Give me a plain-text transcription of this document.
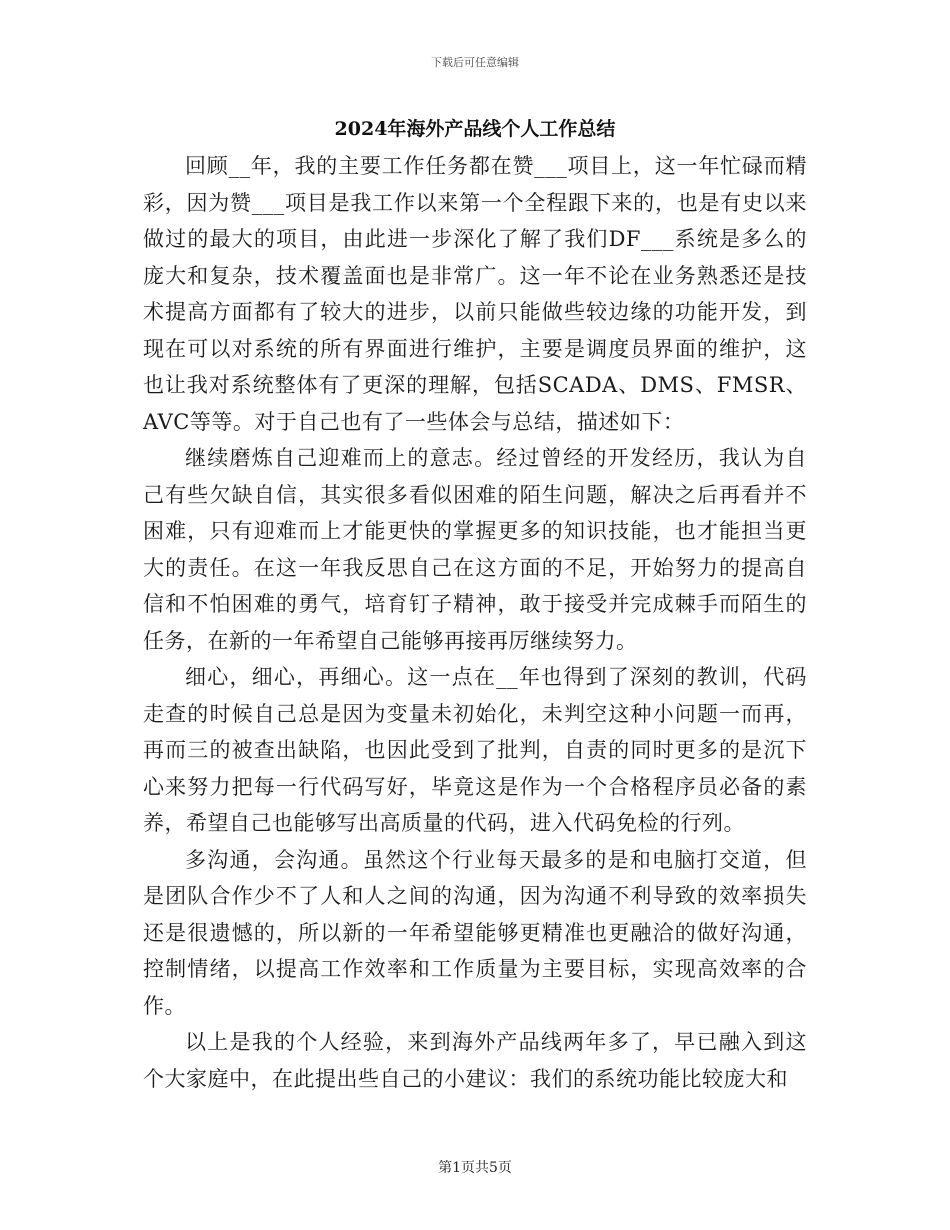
下载后可任意编辑
2024年海外产品线个人工作总结

回顾__年，我的主要工作任务都在赞___项目上，这一年忙碌而精彩，因为赞___项目是我工作以来第一个全程跟下来的，也是有史以来做过的最大的项目，由此进一步深化了解了我们DF___系统是多么的庞大和复杂，技术覆盖面也是非常广。这一年不论在业务熟悉还是技术提高方面都有了较大的进步，以前只能做些较边缘的功能开发，到现在可以对系统的所有界面进行维护，主要是调度员界面的维护，这也让我对系统整体有了更深的理解，包括SCADA、DMS、FMSR、AVC等等。对于自己也有了一些体会与总结，描述如下：

继续磨炼自己迎难而上的意志。经过曾经的开发经历，我认为自己有些欠缺自信，其实很多看似困难的陌生问题，解决之后再看并不困难，只有迎难而上才能更快的掌握更多的知识技能，也才能担当更大的责任。在这一年我反思自己在这方面的不足，开始努力的提高自信和不怕困难的勇气，培育钉子精神，敢于接受并完成棘手而陌生的任务，在新的一年希望自己能够再接再厉继续努力。

细心，细心，再细心。这一点在__年也得到了深刻的教训，代码走查的时候自己总是因为变量未初始化，未判空这种小问题一而再，再而三的被查出缺陷，也因此受到了批判，自责的同时更多的是沉下心来努力把每一行代码写好，毕竟这是作为一个合格程序员必备的素养，希望自己也能够写出高质量的代码，进入代码免检的行列。

多沟通，会沟通。虽然这个行业每天最多的是和电脑打交道，但是团队合作少不了人和人之间的沟通，因为沟通不利导致的效率损失还是很遗憾的，所以新的一年希望能够更精准也更融洽的做好沟通，控制情绪，以提高工作效率和工作质量为主要目标，实现高效率的合作。

以上是我的个人经验，来到海外产品线两年多了，早已融入到这个大家庭中，在此提出些自己的小建议：我们的系统功能比较庞大和

第1页共5页
